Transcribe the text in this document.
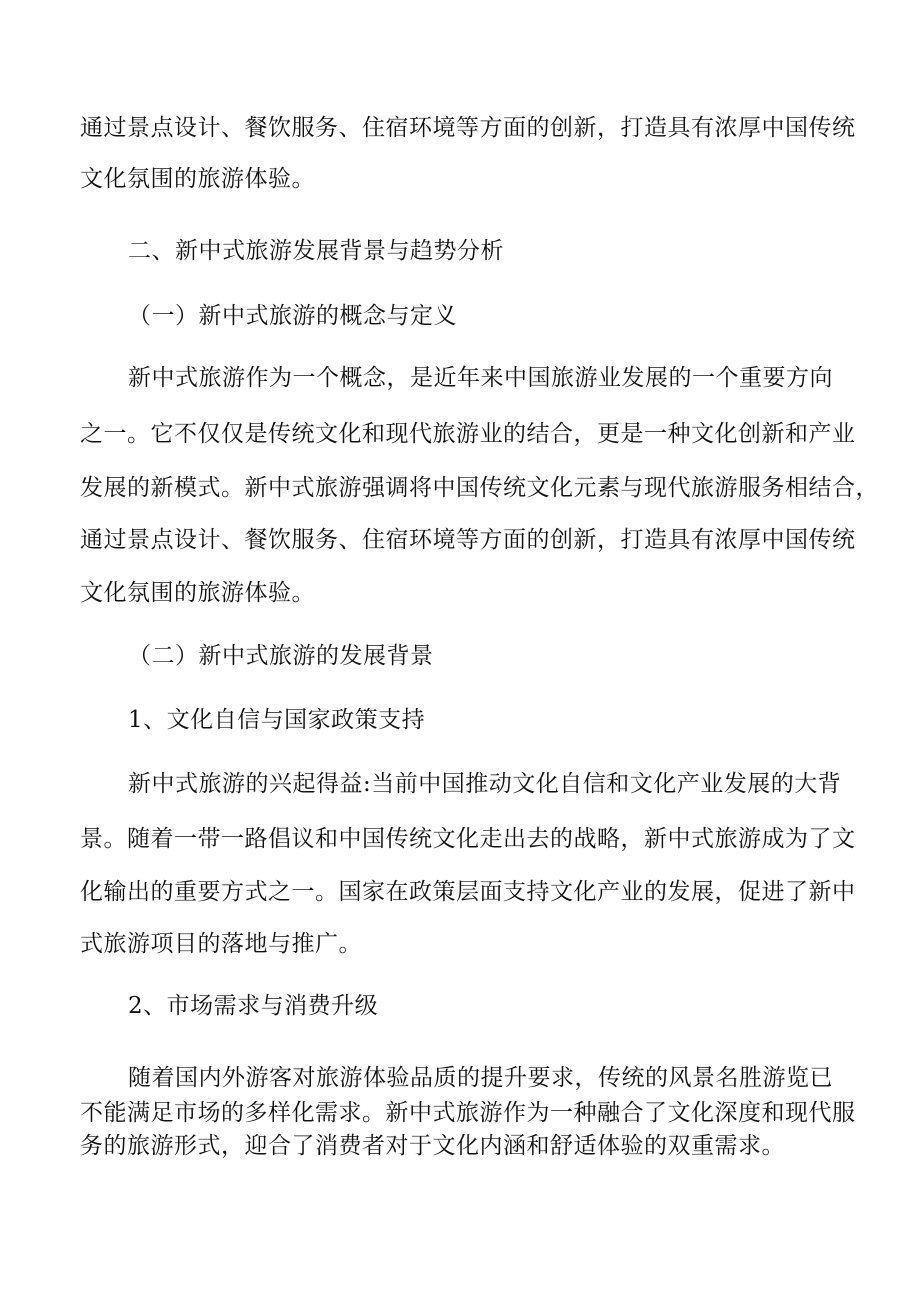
通过景点设计、餐饮服务、住宿环境等方面的创新，打造具有浓厚中国传统
文化氛围的旅游体验。
二、新中式旅游发展背景与趋势分析
（一）新中式旅游的概念与定义
新中式旅游作为一个概念，是近年来中国旅游业发展的一个重要方向
之一。它不仅仅是传统文化和现代旅游业的结合，更是一种文化创新和产业
发展的新模式。新中式旅游强调将中国传统文化元素与现代旅游服务相结合，
通过景点设计、餐饮服务、住宿环境等方面的创新，打造具有浓厚中国传统
文化氛围的旅游体验。
（二）新中式旅游的发展背景
1、文化自信与国家政策支持
新中式旅游的兴起得益:当前中国推动文化自信和文化产业发展的大背
景。随着一带一路倡议和中国传统文化走出去的战略，新中式旅游成为了文
化输出的重要方式之一。国家在政策层面支持文化产业的发展，促进了新中
式旅游项目的落地与推广。
2、市场需求与消费升级
随着国内外游客对旅游体验品质的提升要求，传统的风景名胜游览已
不能满足市场的多样化需求。新中式旅游作为一种融合了文化深度和现代服
务的旅游形式，迎合了消费者对于文化内涵和舒适体验的双重需求。
